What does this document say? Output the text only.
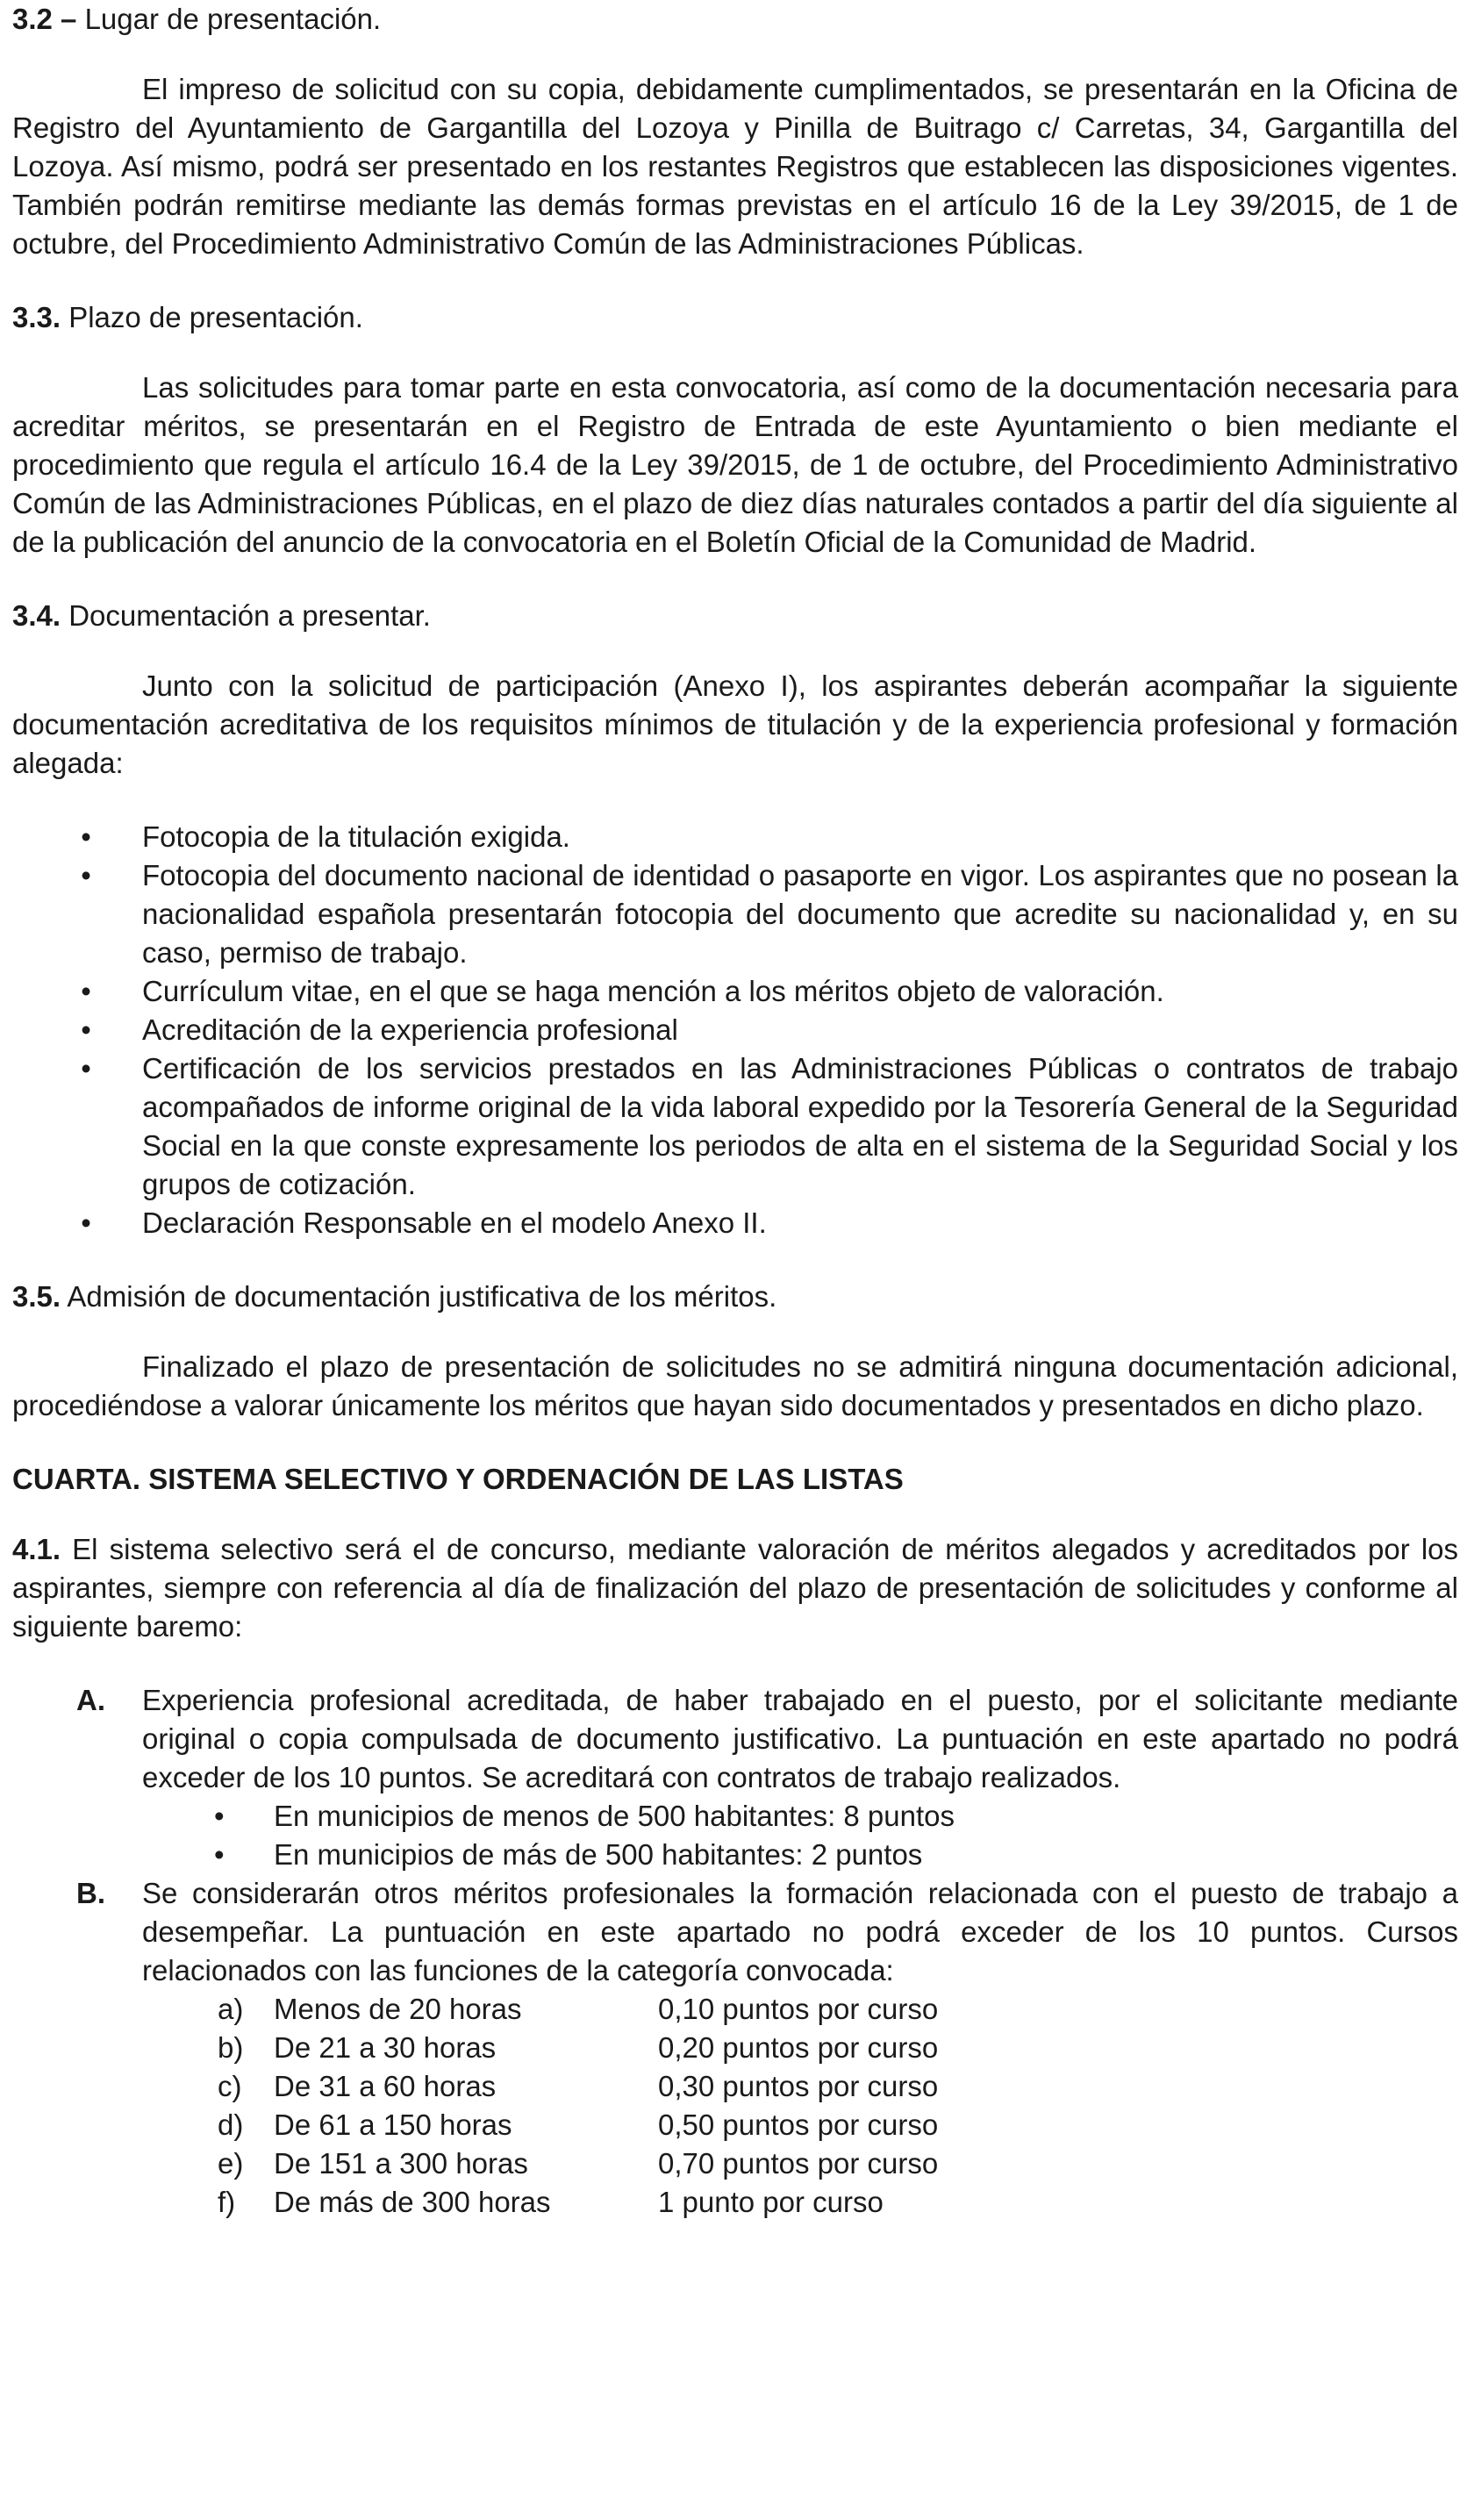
3.2 – Lugar de presentación.

El impreso de solicitud con su copia, debidamente cumplimentados, se presentarán en la Oficina de Registro del Ayuntamiento de Gargantilla del Lozoya y Pinilla de Buitrago c/ Carretas, 34, Gargantilla del Lozoya. Así mismo, podrá ser presentado en los restantes Registros que establecen las disposiciones vigentes. También podrán remitirse mediante las demás formas previstas en el artículo 16 de la Ley 39/2015, de 1 de octubre, del Procedimiento Administrativo Común de las Administraciones Públicas.

3.3. Plazo de presentación.

Las solicitudes para tomar parte en esta convocatoria, así como de la documentación necesaria para acreditar méritos, se presentarán en el Registro de Entrada de este Ayuntamiento o bien mediante el procedimiento que regula el artículo 16.4 de la Ley 39/2015, de 1 de octubre, del Procedimiento Administrativo Común de las Administraciones Públicas, en el plazo de diez días naturales contados a partir del día siguiente al de la publicación del anuncio de la convocatoria en el Boletín Oficial de la Comunidad de Madrid.

3.4. Documentación a presentar.

Junto con la solicitud de participación (Anexo I), los aspirantes deberán acompañar la siguiente documentación acreditativa de los requisitos mínimos de titulación y de la experiencia profesional y formación alegada:

• Fotocopia de la titulación exigida.
• Fotocopia del documento nacional de identidad o pasaporte en vigor. Los aspirantes que no posean la nacionalidad española presentarán fotocopia del documento que acredite su nacionalidad y, en su caso, permiso de trabajo.
• Currículum vitae, en el que se haga mención a los méritos objeto de valoración.
• Acreditación de la experiencia profesional
• Certificación de los servicios prestados en las Administraciones Públicas o contratos de trabajo acompañados de informe original de la vida laboral expedido por la Tesorería General de la Seguridad Social en la que conste expresamente los periodos de alta en el sistema de la Seguridad Social y los grupos de cotización.
• Declaración Responsable en el modelo Anexo II.

3.5. Admisión de documentación justificativa de los méritos.

Finalizado el plazo de presentación de solicitudes no se admitirá ninguna documentación adicional, procediéndose a valorar únicamente los méritos que hayan sido documentados y presentados en dicho plazo.

CUARTA. SISTEMA SELECTIVO Y ORDENACIÓN DE LAS LISTAS

4.1. El sistema selectivo será el de concurso, mediante valoración de méritos alegados y acreditados por los aspirantes, siempre con referencia al día de finalización del plazo de presentación de solicitudes y conforme al siguiente baremo:

A. Experiencia profesional acreditada, de haber trabajado en el puesto, por el solicitante mediante original o copia compulsada de documento justificativo. La puntuación en este apartado no podrá exceder de los 10 puntos. Se acreditará con contratos de trabajo realizados.
• En municipios de menos de 500 habitantes: 8 puntos
• En municipios de más de 500 habitantes: 2 puntos
B. Se considerarán otros méritos profesionales la formación relacionada con el puesto de trabajo a desempeñar. La puntuación en este apartado no podrá exceder de los 10 puntos. Cursos relacionados con las funciones de la categoría convocada:
a) Menos de 20 horas	0,10 puntos por curso
b) De 21 a 30 horas	0,20 puntos por curso
c) De 31 a 60 horas	0,30 puntos por curso
d) De 61 a 150 horas	0,50 puntos por curso
e) De 151 a 300 horas	0,70 puntos por curso
f) De más de 300 horas	1 punto por curso
